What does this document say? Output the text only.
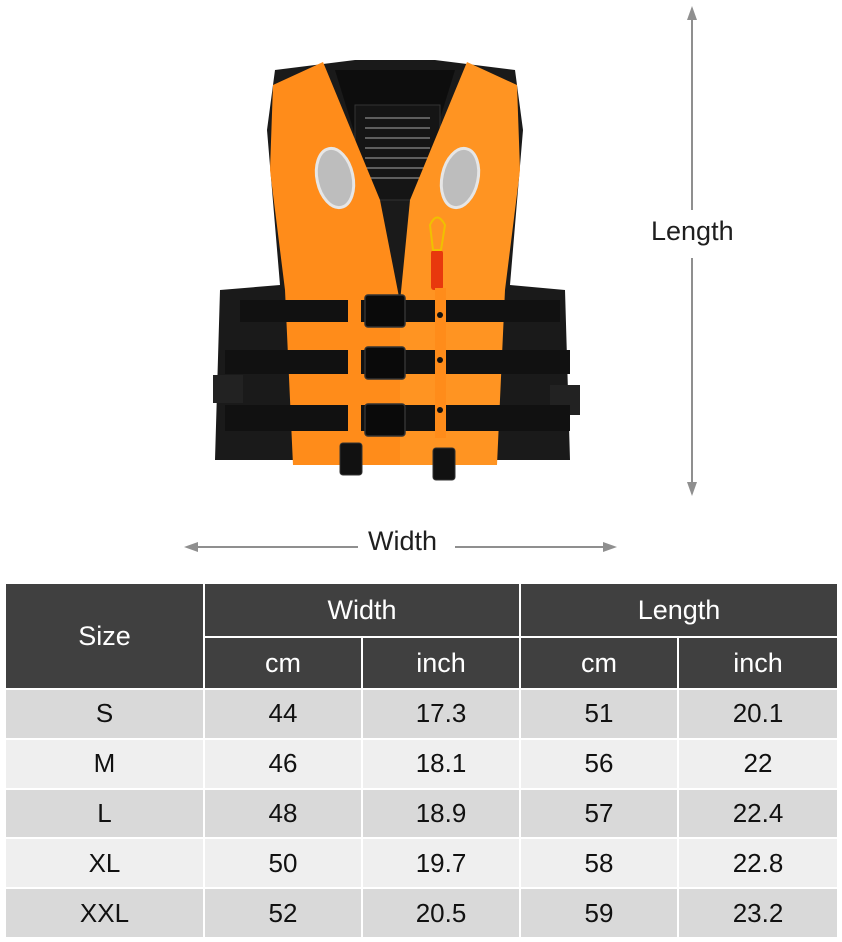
Length
Width
Size	Width		Length	
	cm	inch	cm	inch
S	44	17.3	51	20.1
M	46	18.1	56	22
L	48	18.9	57	22.4
XL	50	19.7	58	22.8
XXL	52	20.5	59	23.2
